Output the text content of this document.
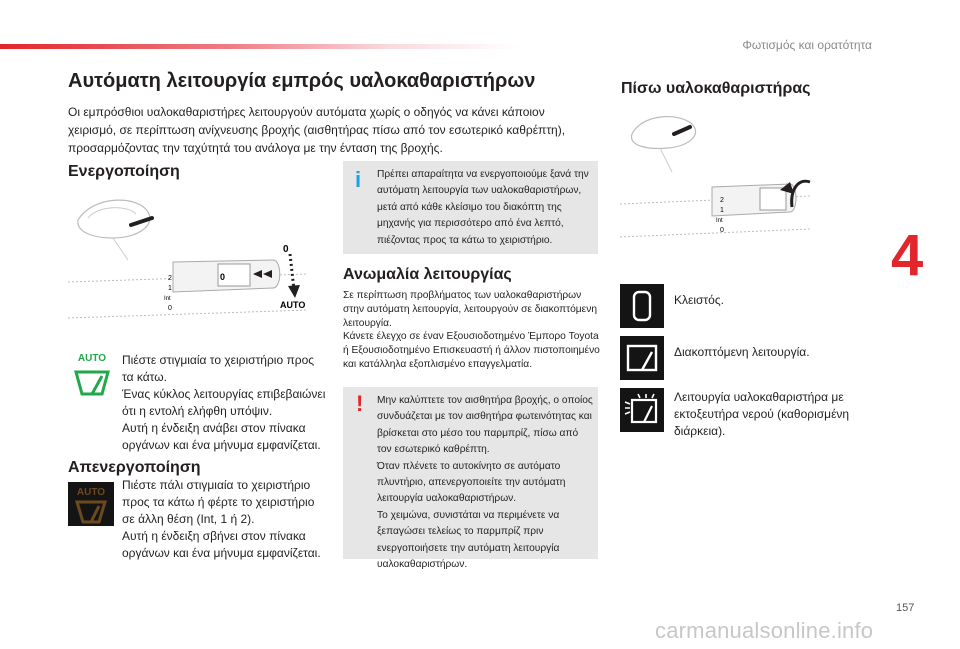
Φωτισμός και ορατότητα
4
Αυτόματη λειτουργία εμπρός υαλοκαθαριστήρων

Οι εμπρόσθιοι υαλοκαθαριστήρες λειτουργούν αυτόματα χωρίς ο οδηγός να κάνει κάποιον χειρισμό, σε περίπτωση ανίχνευσης βροχής (αισθητήρας πίσω από τον εσωτερικό καθρέπτη), προσαρμόζοντας την ταχύτητά του ανάλογα με την ένταση της βροχής.

Ενεργοποίηση
2
1
Int
0
0
0
AUTO
AUTO	Πιέστε στιγμιαία το χειριστήριο προς τα κάτω.
Ένας κύκλος λειτουργίας επιβεβαιώνει ότι η εντολή ελήφθη υπόψιν.
Αυτή η ένδειξη ανάβει στον πίνακα οργάνων και ένα μήνυμα εμφανίζεται.

Απενεργοποίηση
AUTO

Πιέστε πάλι στιγμιαία το χειριστήριο προς τα κάτω ή φέρτε το χειριστήριο σε άλλη θέση (Int, 1 ή 2).
Αυτή η ένδειξη σβήνει στον πίνακα οργάνων και ένα μήνυμα εμφανίζεται.

i Πρέπει απαραίτητα να ενεργοποιούμε ξανά την αυτόματη λειτουργία των υαλοκαθαριστήρων, μετά από κάθε κλείσιμο του διακόπτη της μηχανής για περισσότερο από ένα λεπτό, πιέζοντας προς τα κάτω το χειριστήριο.

Ανωμαλία λειτουργίας

Σε περίπτωση προβλήματος των υαλοκαθαριστήρων στην αυτόματη λειτουργία, λειτουργούν σε διακοπτόμενη λειτουργία.
Κάνετε έλεγχο σε έναν Εξουσιοδοτημένο Έμπορο Toyota ή Εξουσιοδοτημένο Επισκευαστή ή άλλον πιστοποιημένο και κατάλληλα εξοπλισμένο επαγγελματία.

! Μην καλύπτετε τον αισθητήρα βροχής, ο οποίος συνδυάζεται με τον αισθητήρα φωτεινότητας και βρίσκεται στο μέσο του παρμπρίζ, πίσω από τον εσωτερικό καθρέπτη.
Όταν πλένετε το αυτοκίνητο σε αυτόματο πλυντήριο, απενεργοποιείτε την αυτόματη λειτουργία υαλοκαθαριστήρων.
Το χειμώνα, συνιστάται να περιμένετε να ξεπαγώσει τελείως το παρμπρίζ πριν ενεργοποιήσετε την αυτόματη λειτουργία υαλοκαθαριστήρων.

Πίσω υαλοκαθαριστήρας
2
1
Int
0

Κλειστός.

Διακοπτόμενη λειτουργία.

Λειτουργία υαλοκαθαριστήρα με εκτοξευτήρα νερού (καθορισμένη διάρκεια).

157
carmanualsonline.info
